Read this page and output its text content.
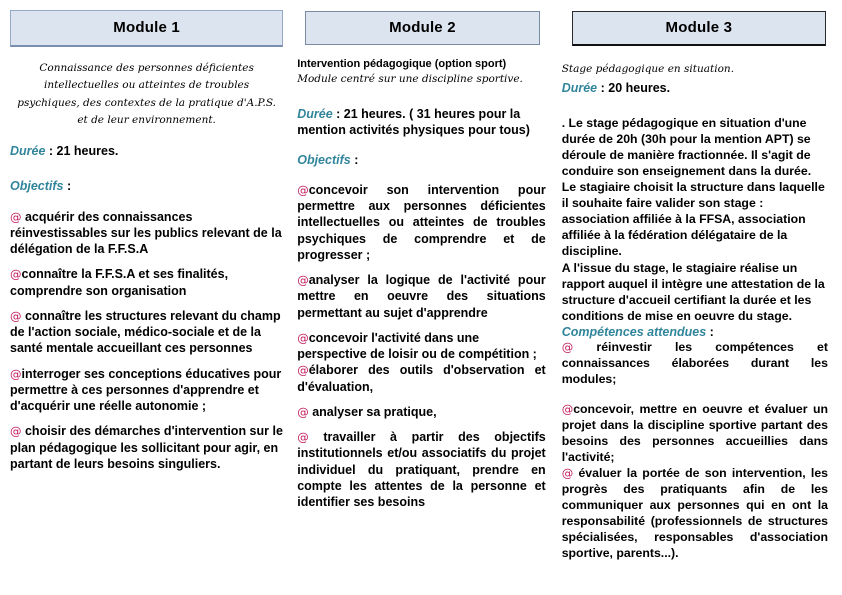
Module 1
Connaissance des personnes déficientes intellectuelles ou atteintes de troubles psychiques, des contextes de la pratique d'A.P.S. et de leur environnement.
Durée : 21 heures.
Objectifs :
@ acquérir des connaissances réinvestissables sur les publics relevant de la délégation de la F.F.S.A
@connaître la F.F.S.A et ses finalités, comprendre son organisation
@ connaître les structures relevant du champ de l'action sociale, médico-sociale et de la santé mentale accueillant ces personnes
@interroger ses conceptions éducatives pour permettre à ces personnes d'apprendre et d'acquérir une réelle autonomie ;
@ choisir des démarches d'intervention sur le plan pédagogique les sollicitant pour agir, en partant de leurs besoins singuliers.
Module 2
Intervention pédagogique (option sport)
Module centré sur une discipline sportive.
Durée : 21 heures. ( 31 heures pour la mention activités physiques pour tous)
Objectifs :
@concevoir son intervention pour permettre aux personnes déficientes intellectuelles ou atteintes de troubles psychiques de comprendre et de progresser ;
@analyser la logique de l'activité pour mettre en oeuvre des situations permettant au sujet d'apprendre
@concevoir l'activité dans une perspective de loisir ou de compétition ;
@élaborer des outils d'observation et d'évaluation,
@ analyser sa pratique,
@ travailler à partir des objectifs institutionnels et/ou associatifs du projet individuel du pratiquant, prendre en compte les attentes de la personne et identifier ses besoins
Module 3
Stage pédagogique en situation.
Durée : 20 heures.
. Le stage pédagogique en situation d'une durée de 20h (30h pour la mention APT) se déroule de manière fractionnée. Il s'agit de conduire son enseignement dans la durée. Le stagiaire choisit la structure dans laquelle il souhaite faire valider son stage : association affiliée à la FFSA, association affiliée à la fédération délégataire de la discipline.
A l'issue du stage, le stagiaire réalise un rapport auquel il intègre une attestation de la structure d'accueil certifiant la durée et les conditions de mise en oeuvre du stage.
Compétences attendues :
@ réinvestir les compétences et connaissances élaborées durant les modules;
@concevoir, mettre en oeuvre et évaluer un projet dans la discipline sportive partant des besoins des personnes accueillies dans l'activité;
@ évaluer la portée de son intervention, les progrès des pratiquants afin de les communiquer aux personnes qui en ont la responsabilité (professionnels de structures spécialisées, responsables d'association sportive, parents...).
